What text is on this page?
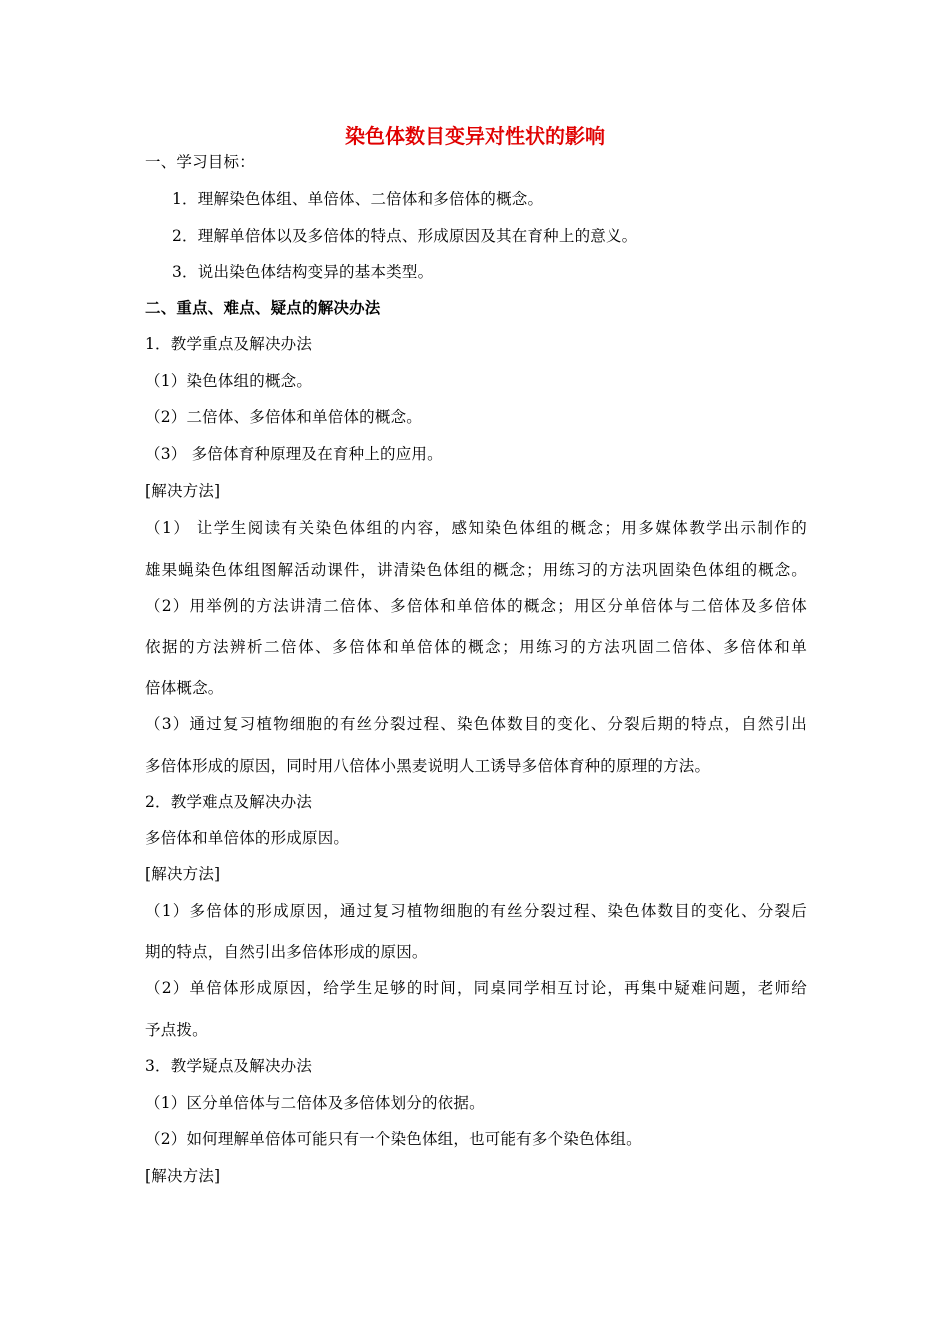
染色体数目变异对性状的影响
一、学习目标：
1．理解染色体组、单倍体、二倍体和多倍体的概念。
2．理解单倍体以及多倍体的特点、形成原因及其在育种上的意义。
3．说出染色体结构变异的基本类型。
二、重点、难点、疑点的解决办法
1．教学重点及解决办法
（1）染色体组的概念。
（2）二倍体、多倍体和单倍体的概念。
（3） 多倍体育种原理及在育种上的应用。
[解决方法]
（1） 让学生阅读有关染色体组的内容，感知染色体组的概念；用多媒体教学出示制作的
雄果蝇染色体组图解活动课件，讲清染色体组的概念；用练习的方法巩固染色体组的概念。
（2）用举例的方法讲清二倍体、多倍体和单倍体的概念；用区分单倍体与二倍体及多倍体
依据的方法辨析二倍体、多倍体和单倍体的概念；用练习的方法巩固二倍体、多倍体和单
倍体概念。
（3）通过复习植物细胞的有丝分裂过程、染色体数目的变化、分裂后期的特点，自然引出
多倍体形成的原因，同时用八倍体小黑麦说明人工诱导多倍体育种的原理的方法。
2．教学难点及解决办法
多倍体和单倍体的形成原因。
[解决方法]
（1）多倍体的形成原因，通过复习植物细胞的有丝分裂过程、染色体数目的变化、分裂后
期的特点，自然引出多倍体形成的原因。
（2）单倍体形成原因，给学生足够的时间，同桌同学相互讨论，再集中疑难问题，老师给
予点拨。
3．教学疑点及解决办法
（1）区分单倍体与二倍体及多倍体划分的依据。
（2）如何理解单倍体可能只有一个染色体组，也可能有多个染色体组。
[解决方法]
